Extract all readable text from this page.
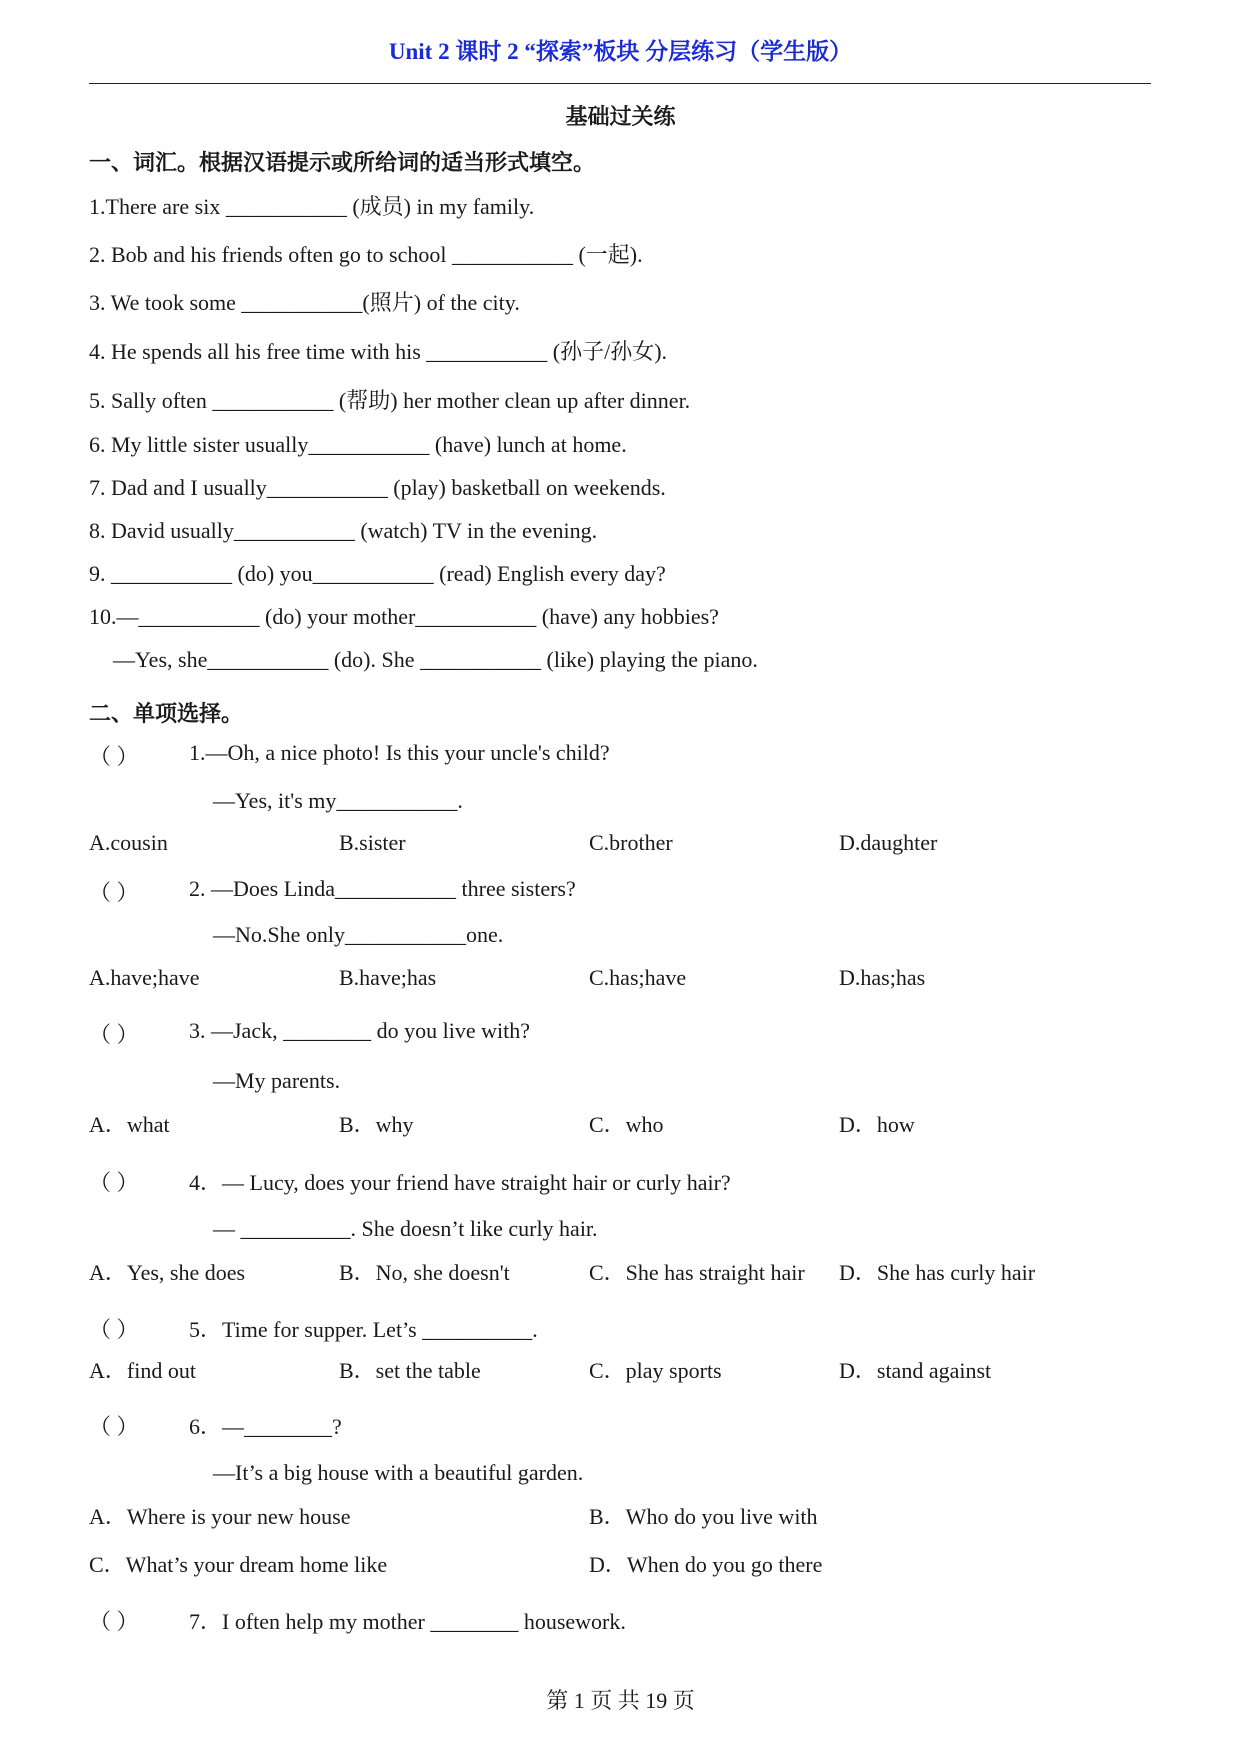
Unit 2 课时 2 “探索”板块 分层练习（学生版）
基础过关练
一、词汇。根据汉语提示或所给词的适当形式填空。
1.There are six ___________ (成员) in my family.
2. Bob and his friends often go to school ___________ (一起).
3. We took some ___________(照片) of the city.
4. He spends all his free time with his ___________ (孙子/孙女).
5. Sally often ___________ (帮助) her mother clean up after dinner.
6. My little sister usually___________ (have) lunch at home.
7. Dad and I usually___________ (play) basketball on weekends.
8. David usually___________ (watch) TV in the evening.
9. ___________ (do) you___________ (read) English every day?
10.—___________ (do) your mother___________ (have) any hobbies?
—Yes, she___________ (do). She ___________ (like) playing the piano.
二、单项选择。
（ ） 1.—Oh, a nice photo! Is this your uncle's child?
—Yes, it's my___________.
A.cousin	B.sister	C.brother	D.daughter
（ ） 2. —Does Linda___________ three sisters?
—No.She only___________one.
A.have;have	B.have;has	C.has;have	D.has;has
（ ） 3. —Jack, ________ do you live with?
—My parents.
A．what	B．why	C．who	D．how
（ ） 4．— Lucy, does your friend have straight hair or curly hair?
— __________. She doesn’t like curly hair.
A．Yes, she does	B．No, she doesn't	C．She has straight hair D．She has curly hair
（ ） 5．Time for supper. Let’s __________.
A．find out	B．set the table	C．play sports	D．stand against
（ ） 6．—________?
—It’s a big house with a beautiful garden.
A．Where is your new house	B．Who do you live with
C．What’s your dream home like	D．When do you go there
（ ） 7．I often help my mother ________ housework.
第 1 页 共 19 页
